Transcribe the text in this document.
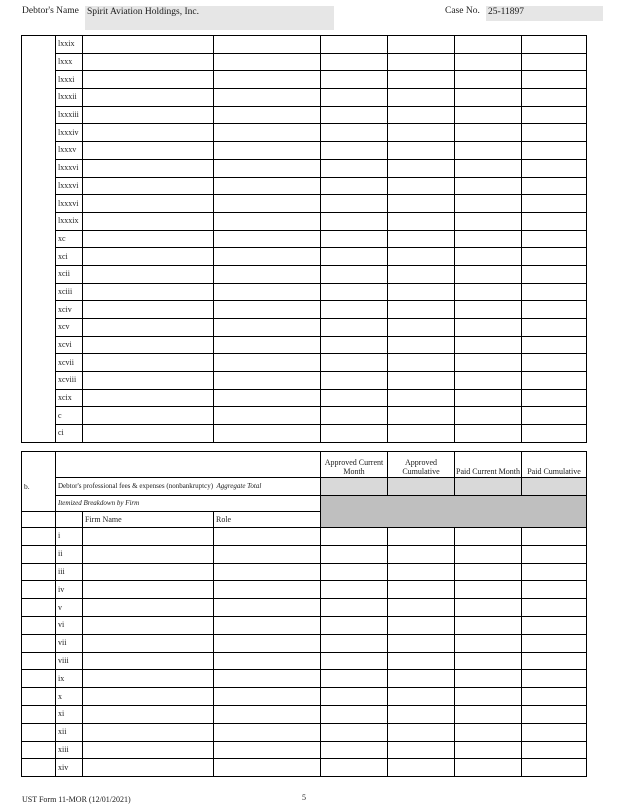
Debtor's Name Spirit Aviation Holdings, Inc.	Case No. 25-11897
	lxxix						
	lxxx						
	lxxxi						
	lxxxii						
	lxxxiii						
	lxxxiv						
	lxxxv						
	lxxxvi						
	lxxxvi						
	lxxxvi						
	lxxxix						
	xc						
	xci						
	xcii						
	xciii						
	xciv						
	xcv						
	xcvi						
	xcvii						
	xcviii						
	xcix						
	c						
	ci						
b.				Approved Current Month	Approved Cumulative	Paid Current Month	Paid Cumulative
	Debtor's professional fees & expenses (nonbankruptcy) Aggregate Total						
	Itemized Breakdown by Firm						
		Firm Name	Role				
	i						
	ii						
	iii						
	iv						
	v						
	vi						
	vii						
	viii						
	ix						
	x						
	xi						
	xii						
	xiii						
	xiv						
UST Form 11-MOR (12/01/2021)	5
